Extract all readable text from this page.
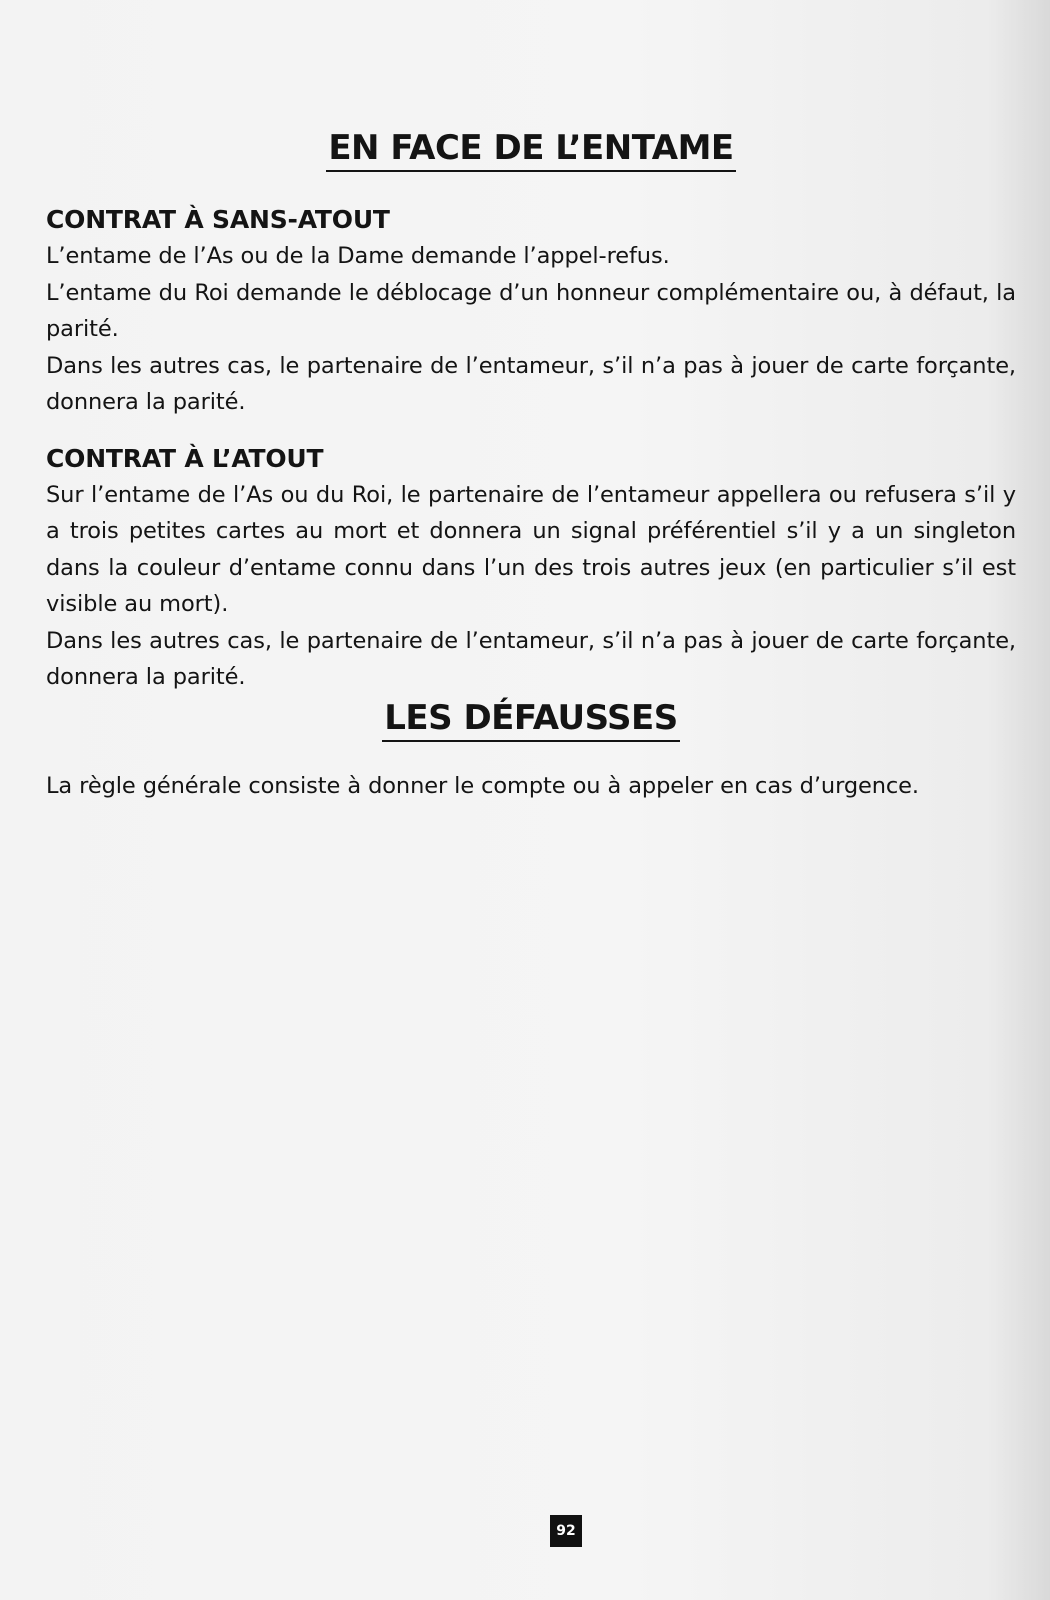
EN FACE DE L’ENTAME
CONTRAT À SANS-ATOUT

L’entame de l’As ou de la Dame demande l’appel-refus.

L’entame du Roi demande le déblocage d’un honneur complémentaire ou, à défaut, la parité.

Dans les autres cas, le partenaire de l’entameur, s’il n’a pas à jouer de carte forçante, donnera la parité.

CONTRAT À L’ATOUT

Sur l’entame de l’As ou du Roi, le partenaire de l’entameur appellera ou refusera s’il y a trois petites cartes au mort et donnera un signal préférentiel s’il y a un singleton dans la couleur d’entame connu dans l’un des trois autres jeux (en particulier s’il est visible au mort).

Dans les autres cas, le partenaire de l’entameur, s’il n’a pas à jouer de carte forçante, donnera la parité.

LES DÉFAUSSES

La règle générale consiste à donner le compte ou à appeler en cas d’urgence.

92
